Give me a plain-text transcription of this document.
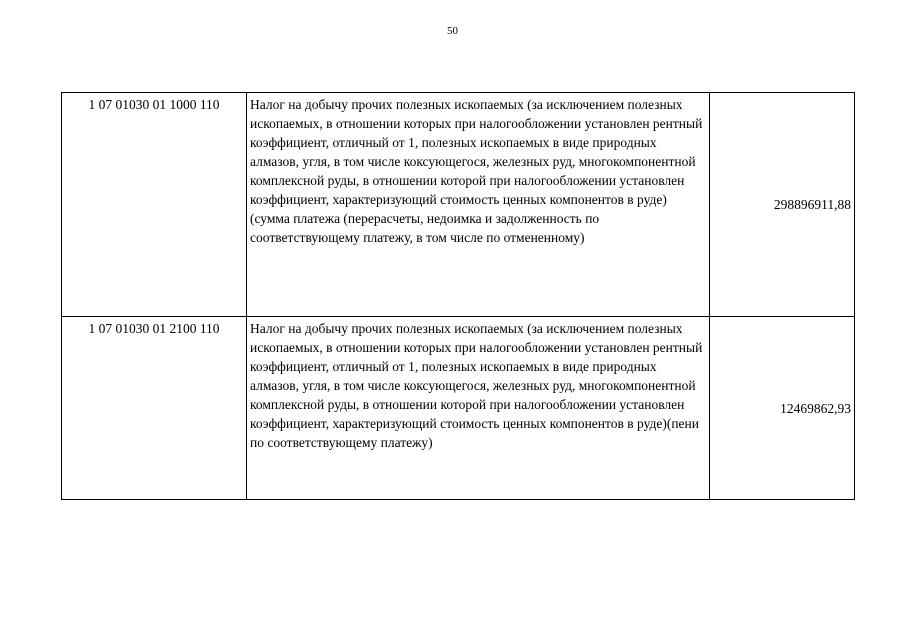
50
1 07 01030 01 1000 110	Налог на добычу прочих полезных ископаемых (за исключением полезных ископаемых, в отношении которых при налогообложении установлен рентный коэффициент, отличный от 1, полезных ископаемых в виде природных алмазов, угля, в том числе коксующегося, железных руд, многокомпонентной комплексной руды, в отношении которой при налогообложении установлен коэффициент, характеризующий стоимость ценных компонентов в руде)(сумма платежа (перерасчеты, недоимка и задолженность по соответствующему платежу, в том числе по отмененному)	298896911,88
1 07 01030 01 2100 110	Налог на добычу прочих полезных ископаемых (за исключением полезных ископаемых, в отношении которых при налогообложении установлен рентный коэффициент, отличный от 1, полезных ископаемых в виде природных алмазов, угля, в том числе коксующегося, железных руд, многокомпонентной комплексной руды, в отношении которой при налогообложении установлен коэффициент, характеризующий стоимость ценных компонентов в руде)(пени по соответствующему платежу)	12469862,93
